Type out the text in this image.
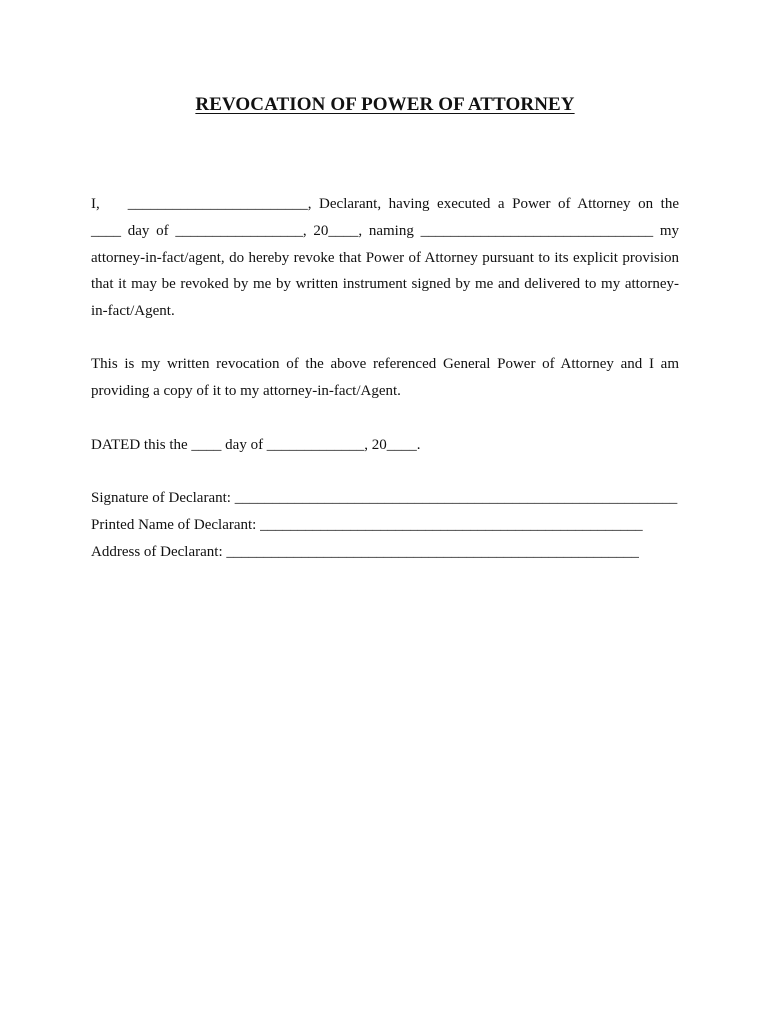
REVOCATION OF POWER OF ATTORNEY
I, ________________________, Declarant, having executed a Power of Attorney on the
____ day of _________________, 20____, naming _______________________________ my
attorney-in-fact/agent, do hereby revoke that Power of Attorney pursuant to its explicit provision
that it may be revoked by me by written instrument signed by me and delivered to my attorney-
in-fact/Agent.
This is my written revocation of the above referenced General Power of Attorney and I am
providing a copy of it to my attorney-in-fact/Agent.
DATED this the ____ day of _____________, 20____.
Signature of Declarant: ___________________________________________________________
Printed Name of Declarant: ___________________________________________________
Address of Declarant: _______________________________________________________
